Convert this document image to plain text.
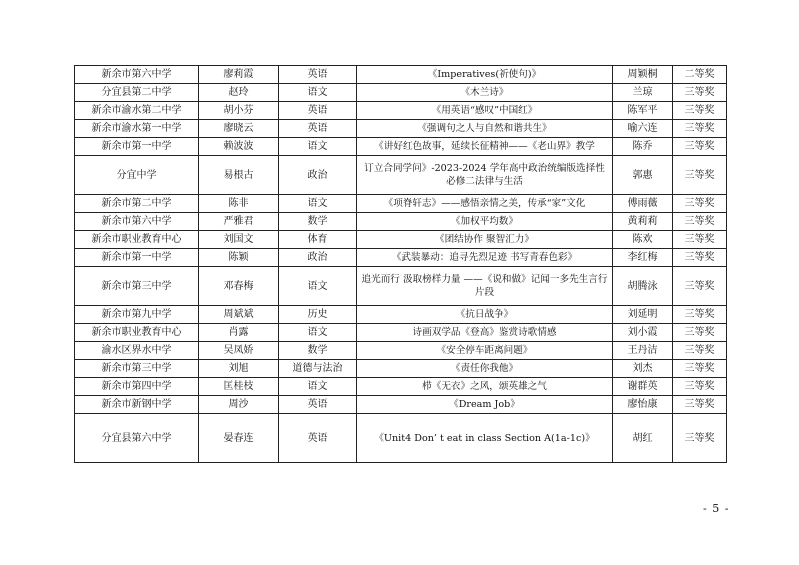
新余市第六中学	廖莉霞	英语	《Imperatives(祈使句)》	周颖桐	二等奖
分宜县第二中学	赵玲	语文	《木兰诗》	兰琼	三等奖
新余市渝水第二中学	胡小芬	英语	《用英语“感叹”中国红》	陈军平	三等奖
新余市渝水第一中学	廖晓云	英语	《强调句之人与自然和谐共生》	喻六连	三等奖
新余市第一中学	赖波波	语文	《讲好红色故事，延续长征精神——《老山界》教学	陈乔	三等奖
分宜中学	易根古	政治	订立合同学问》-2023-2024 学年高中政治统编版选择性必修二法律与生活	郭惠	三等奖
新余市第二中学	陈非	语文	《项脊轩志》——感悟亲情之美，传承“家”文化	傅雨薇	三等奖
新余市第六中学	严雅君	数学	《加权平均数》	黄莉莉	三等奖
新余市职业教育中心	刘国文	体育	《团结协作 聚智汇力》	陈欢	三等奖
新余市第一中学	陈颖	政治	《武装暴动：追寻先烈足迹 书写青春色彩》	李红梅	三等奖
新余市第三中学	邓春梅	语文	追光而行 汲取榜样力量 ——《说和做》记闻一多先生言行片段	胡腾泳	三等奖
新余市第九中学	周斌斌	历史	《抗日战争》	刘延明	三等奖
新余市职业教育中心	肖露	语文	诗画双学品《登高》鉴赏诗歌情感	刘小霞	三等奖
渝水区界水中学	吴凤娇	数学	《安全停车距离问题》	王丹洁	三等奖
新余市第三中学	刘旭	道德与法治	《责任你我他》	刘杰	三等奖
新余市第四中学	匡桂枝	语文	栉《无衣》之风，颂英雄之气	谢群英	三等奖
新余市新钢中学	周沙	英语	《Dream Job》	廖怡康	三等奖
分宜县第六中学	晏春连	英语	《Unit4 Don’ t eat in class Section A(1a-1c)》	胡红	三等奖
- 5 -
